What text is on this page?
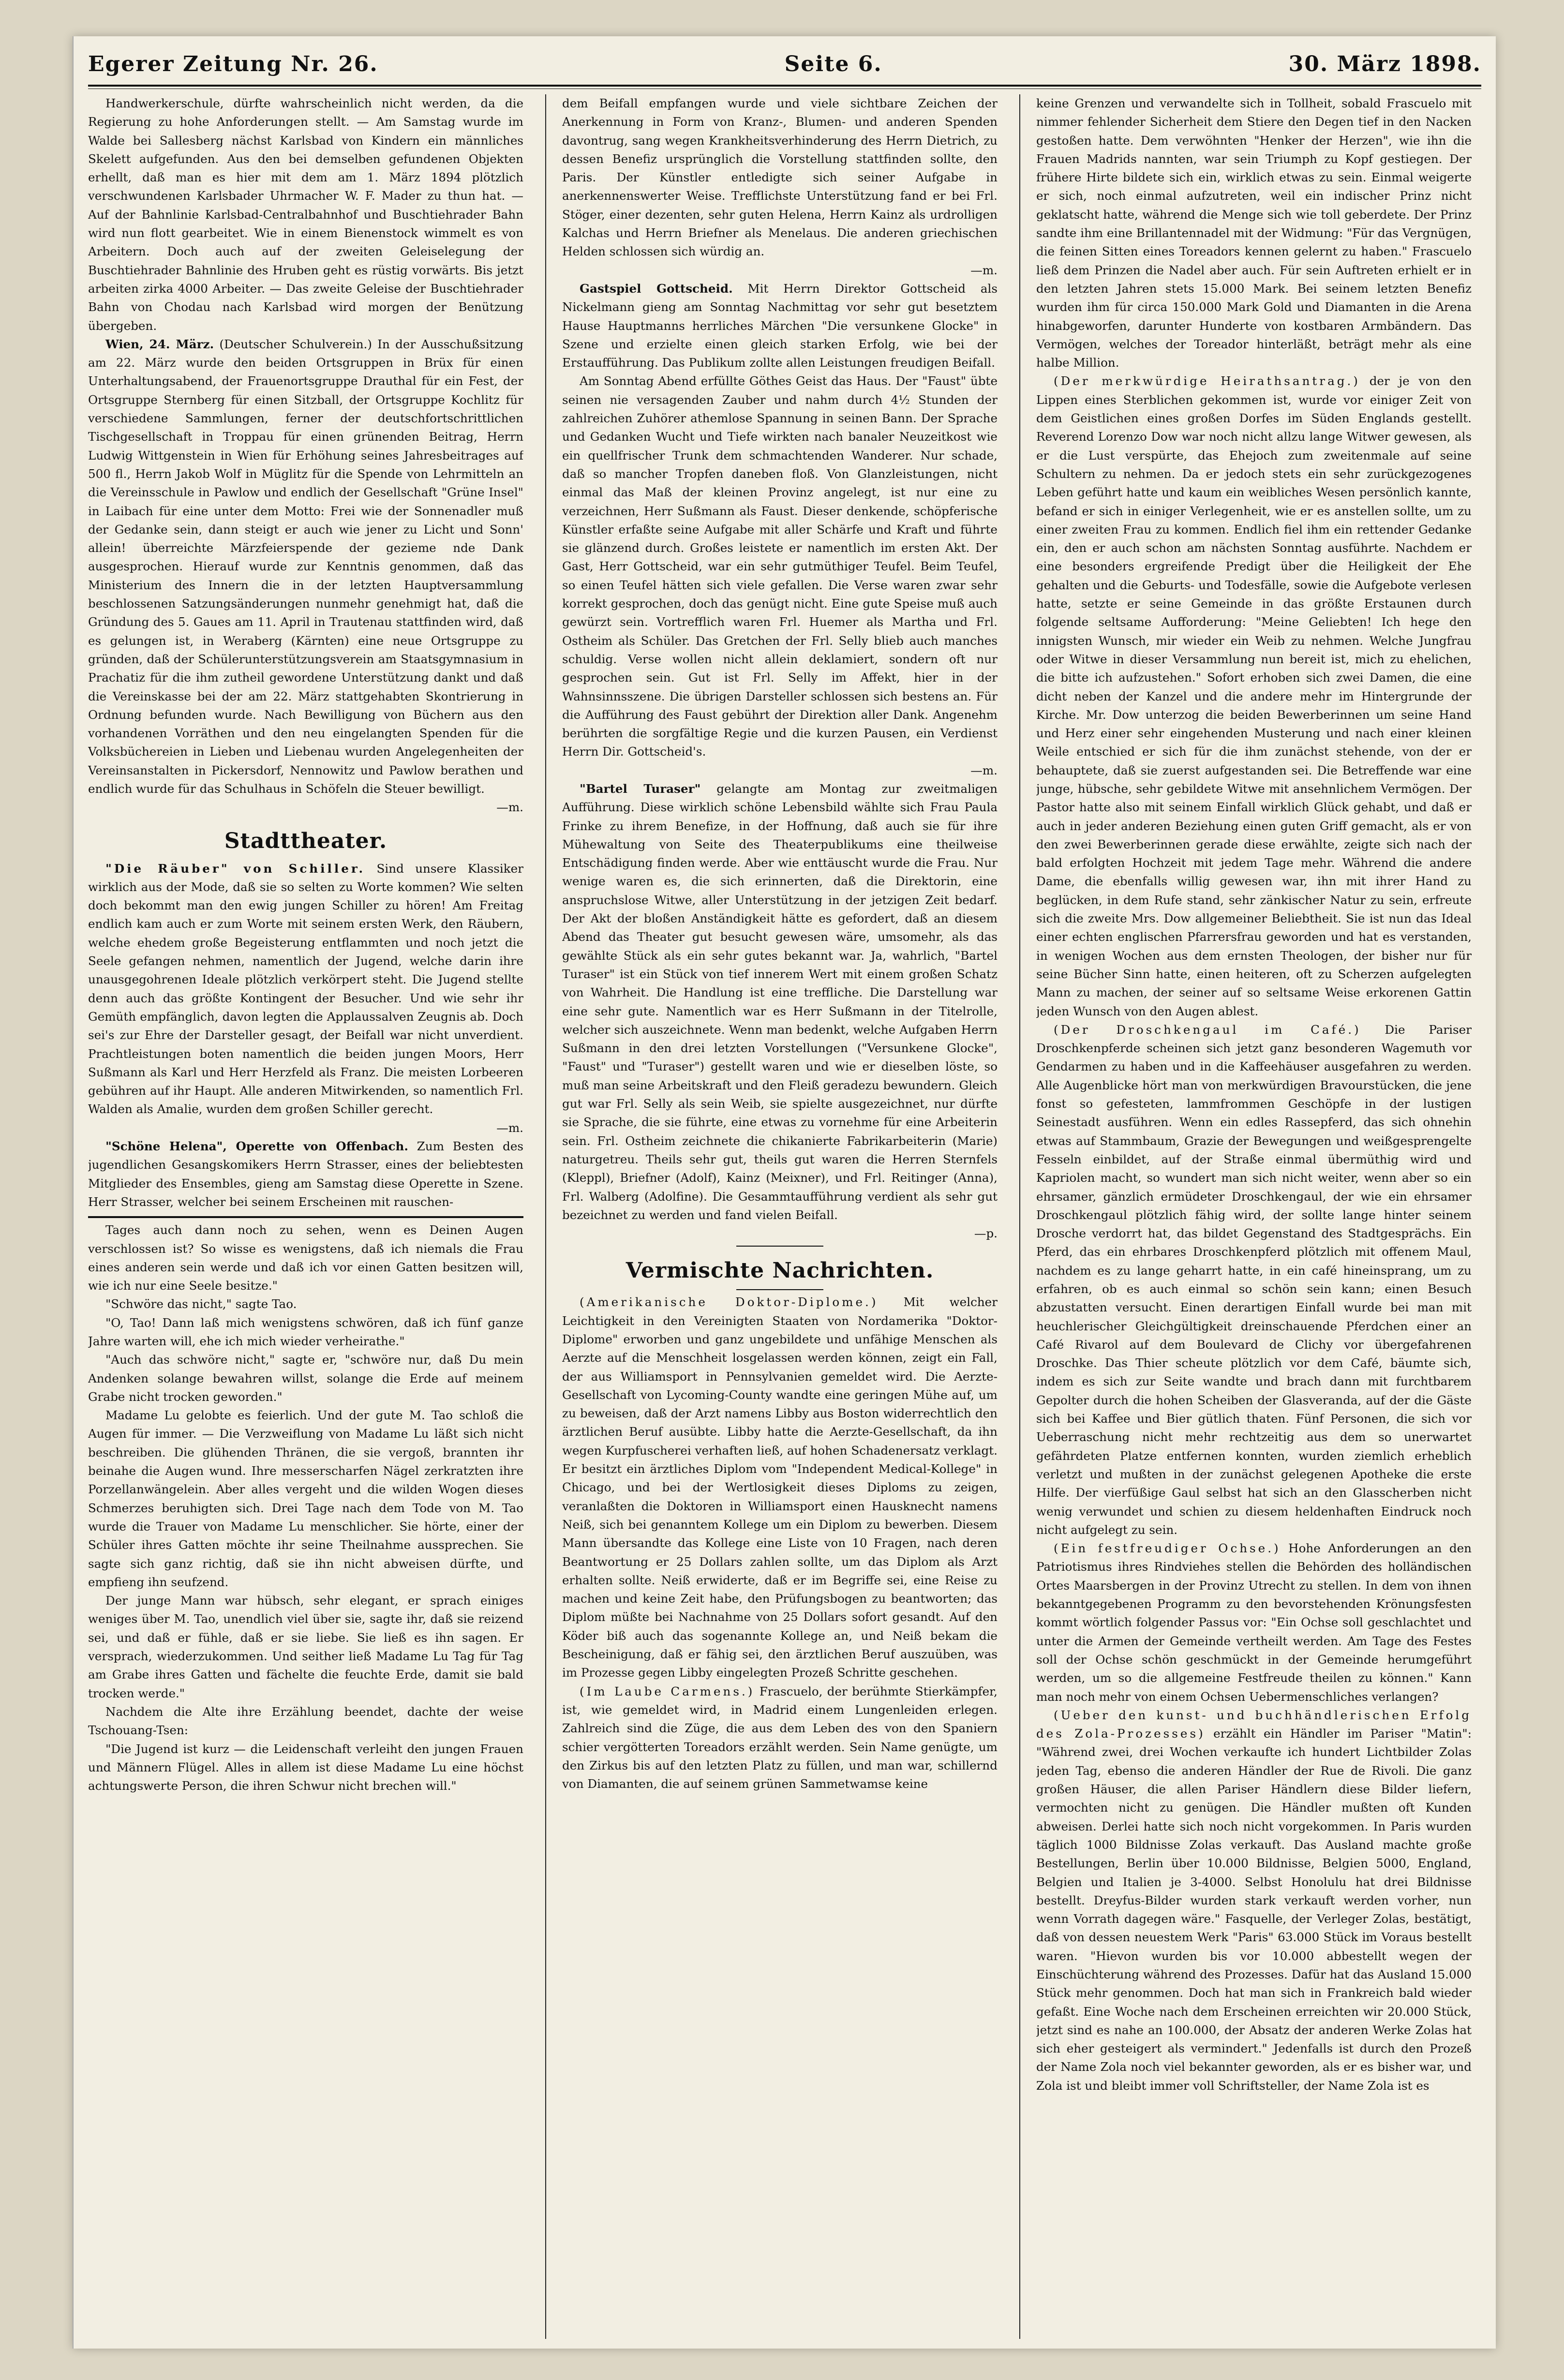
Egerer Zeitung Nr. 26.	Seite 6.	30. März 1898.

Handwerkerschule, dürfte wahrscheinlich nicht werden, da die Regierung zu hohe Anforderungen stellt. — Am Samstag wurde im Walde bei Sallesberg nächst Karlsbad von Kindern ein männliches Skelett aufgefunden. Aus den bei demselben gefundenen Objekten erhellt, daß man es hier mit dem am 1. März 1894 plötzlich verschwundenen Karlsbader Uhrmacher W. F. Mader zu thun hat. — Auf der Bahnlinie Karlsbad-Centralbahnhof und Buschtiehrader Bahn wird nun flott gearbeitet. Wie in einem Bienenstock wimmelt es von Arbeitern. Doch auch auf der zweiten Geleiselegung der Buschtiehrader Bahnlinie des Hruben geht es rüstig vorwärts. Bis jetzt arbeiten zirka 4000 Arbeiter. — Das zweite Geleise der Buschtiehrader Bahn von Chodau nach Karlsbad wird morgen der Benützung übergeben.

Wien, 24. März. (Deutscher Schulverein.) In der Ausschußsitzung am 22. März wurde den beiden Ortsgruppen in Brüx für einen Unterhaltungsabend, der Frauenortsgruppe Drauthal für ein Fest, der Ortsgruppe Sternberg für einen Sitzball, der Ortsgruppe Kochlitz für verschiedene Sammlungen, ferner der deutschfortschrittlichen Tischgesellschaft in Troppau für einen grünenden Beitrag, Herrn Ludwig Wittgenstein in Wien für Erhöhung seines Jahresbeitrages auf 500 fl., Herrn Jakob Wolf in Müglitz für die Spende von Lehrmitteln an die Vereinsschule in Pawlow und endlich der Gesellschaft "Grüne Insel" in Laibach für eine unter dem Motto: Frei wie der Sonnenadler muß der Gedanke sein, dann steigt er auch wie jener zu Licht und Sonn' allein! überreichte Märzfeierspende der gezieme nde Dank ausgesprochen. Hierauf wurde zur Kenntnis genommen, daß das Ministerium des Innern die in der letzten Hauptversammlung beschlossenen Satzungsänderungen nunmehr genehmigt hat, daß die Gründung des 5. Gaues am 11. April in Trautenau stattfinden wird, daß es gelungen ist, in Weraberg (Kärnten) eine neue Ortsgruppe zu gründen, daß der Schülerunterstützungsverein am Staatsgymnasium in Prachatiz für die ihm zutheil gewordene Unterstützung dankt und daß die Vereinskasse bei der am 22. März stattgehabten Skontrierung in Ordnung befunden wurde. Nach Bewilligung von Büchern aus den vorhandenen Vorräthen und den neu eingelangten Spenden für die Volksbüchereien in Lieben und Liebenau wurden Angelegenheiten der Vereinsanstalten in Pickersdorf, Nennowitz und Pawlow berathen und endlich wurde für das Schulhaus in Schöfeln die Steuer bewilligt.

—m.

Stadttheater.

"Die Räuber" von Schiller. Sind unsere Klassiker wirklich aus der Mode, daß sie so selten zu Worte kommen? Wie selten doch bekommt man den ewig jungen Schiller zu hören! Am Freitag endlich kam auch er zum Worte mit seinem ersten Werk, den Räubern, welche ehedem große Begeisterung entflammten und noch jetzt die Seele gefangen nehmen, namentlich der Jugend, welche darin ihre unausgegohrenen Ideale plötzlich verkörpert steht. Die Jugend stellte denn auch das größte Kontingent der Besucher. Und wie sehr ihr Gemüth empfänglich, davon legten die Applaussalven Zeugnis ab. Doch sei's zur Ehre der Darsteller gesagt, der Beifall war nicht unverdient. Prachtleistungen boten namentlich die beiden jungen Moors, Herr Sußmann als Karl und Herr Herzfeld als Franz. Die meisten Lorbeeren gebühren auf ihr Haupt. Alle anderen Mitwirkenden, so namentlich Frl. Walden als Amalie, wurden dem großen Schiller gerecht.

—m.

"Schöne Helena", Operette von Offenbach. Zum Besten des jugendlichen Gesangskomikers Herrn Strasser, eines der beliebtesten Mitglieder des Ensembles, gieng am Samstag diese Operette in Szene. Herr Strasser, welcher bei seinem Erscheinen mit rauschen-

Tages auch dann noch zu sehen, wenn es Deinen Augen verschlossen ist? So wisse es wenigstens, daß ich niemals die Frau eines anderen sein werde und daß ich vor einen Gatten besitzen will, wie ich nur eine Seele besitze."

"Schwöre das nicht," sagte Tao.

"O, Tao! Dann laß mich wenigstens schwören, daß ich fünf ganze Jahre warten will, ehe ich mich wieder verheirathe."

"Auch das schwöre nicht," sagte er, "schwöre nur, daß Du mein Andenken solange bewahren willst, solange die Erde auf meinem Grabe nicht trocken geworden."

Madame Lu gelobte es feierlich. Und der gute M. Tao schloß die Augen für immer. — Die Verzweiflung von Madame Lu läßt sich nicht beschreiben. Die glühenden Thränen, die sie vergoß, brannten ihr beinahe die Augen wund. Ihre messerscharfen Nägel zerkratzten ihre Porzellanwängelein. Aber alles vergeht und die wilden Wogen dieses Schmerzes beruhigten sich. Drei Tage nach dem Tode von M. Tao wurde die Trauer von Madame Lu menschlicher. Sie hörte, einer der Schüler ihres Gatten möchte ihr seine Theilnahme aussprechen. Sie sagte sich ganz richtig, daß sie ihn nicht abweisen dürfte, und empfieng ihn seufzend.

Der junge Mann war hübsch, sehr elegant, er sprach einiges weniges über M. Tao, unendlich viel über sie, sagte ihr, daß sie reizend sei, und daß er fühle, daß er sie liebe. Sie ließ es ihn sagen. Er versprach, wiederzukommen. Und seither ließ Madame Lu Tag für Tag am Grabe ihres Gatten und fächelte die feuchte Erde, damit sie bald trocken werde."

Nachdem die Alte ihre Erzählung beendet, dachte der weise Tschouang-Tsen:

"Die Jugend ist kurz — die Leidenschaft verleiht den jungen Frauen und Männern Flügel. Alles in allem ist diese Madame Lu eine höchst achtungswerte Person, die ihren Schwur nicht brechen will."

dem Beifall empfangen wurde und viele sichtbare Zeichen der Anerkennung in Form von Kranz-, Blumen- und anderen Spenden davontrug, sang wegen Krankheitsverhinderung des Herrn Dietrich, zu dessen Benefiz ursprünglich die Vorstellung stattfinden sollte, den Paris. Der Künstler entledigte sich seiner Aufgabe in anerkennenswerter Weise. Trefflichste Unterstützung fand er bei Frl. Stöger, einer dezenten, sehr guten Helena, Herrn Kainz als urdrolligen Kalchas und Herrn Briefner als Menelaus. Die anderen griechischen Helden schlossen sich würdig an.

—m.

Gastspiel Gottscheid. Mit Herrn Direktor Gottscheid als Nickelmann gieng am Sonntag Nachmittag vor sehr gut besetztem Hause Hauptmanns herrliches Märchen "Die versunkene Glocke" in Szene und erzielte einen gleich starken Erfolg, wie bei der Erstaufführung. Das Publikum zollte allen Leistungen freudigen Beifall.

Am Sonntag Abend erfüllte Göthes Geist das Haus. Der "Faust" übte seinen nie versagenden Zauber und nahm durch 4½ Stunden der zahlreichen Zuhörer athemlose Spannung in seinen Bann. Der Sprache und Gedanken Wucht und Tiefe wirkten nach banaler Neuzeitkost wie ein quellfrischer Trunk dem schmachtenden Wanderer. Nur schade, daß so mancher Tropfen daneben floß. Von Glanzleistungen, nicht einmal das Maß der kleinen Provinz angelegt, ist nur eine zu verzeichnen, Herr Sußmann als Faust. Dieser denkende, schöpferische Künstler erfaßte seine Aufgabe mit aller Schärfe und Kraft und führte sie glänzend durch. Großes leistete er namentlich im ersten Akt. Der Gast, Herr Gottscheid, war ein sehr gutmüthiger Teufel. Beim Teufel, so einen Teufel hätten sich viele gefallen. Die Verse waren zwar sehr korrekt gesprochen, doch das genügt nicht. Eine gute Speise muß auch gewürzt sein. Vortrefflich waren Frl. Huemer als Martha und Frl. Ostheim als Schüler. Das Gretchen der Frl. Selly blieb auch manches schuldig. Verse wollen nicht allein deklamiert, sondern oft nur gesprochen sein. Gut ist Frl. Selly im Affekt, hier in der Wahnsinnsszene. Die übrigen Darsteller schlossen sich bestens an. Für die Aufführung des Faust gebührt der Direktion aller Dank. Angenehm berührten die sorgfältige Regie und die kurzen Pausen, ein Verdienst Herrn Dir. Gottscheid's.

—m.

"Bartel Turaser" gelangte am Montag zur zweitmaligen Aufführung. Diese wirklich schöne Lebensbild wählte sich Frau Paula Frinke zu ihrem Benefize, in der Hoffnung, daß auch sie für ihre Mühewaltung von Seite des Theaterpublikums eine theilweise Entschädigung finden werde. Aber wie enttäuscht wurde die Frau. Nur wenige waren es, die sich erinnerten, daß die Direktorin, eine anspruchslose Witwe, aller Unterstützung in der jetzigen Zeit bedarf. Der Akt der bloßen Anständigkeit hätte es gefordert, daß an diesem Abend das Theater gut besucht gewesen wäre, umsomehr, als das gewählte Stück als ein sehr gutes bekannt war. Ja, wahrlich, "Bartel Turaser" ist ein Stück von tief innerem Wert mit einem großen Schatz von Wahrheit. Die Handlung ist eine treffliche. Die Darstellung war eine sehr gute. Namentlich war es Herr Sußmann in der Titelrolle, welcher sich auszeichnete. Wenn man bedenkt, welche Aufgaben Herrn Sußmann in den drei letzten Vorstellungen ("Versunkene Glocke", "Faust" und "Turaser") gestellt waren und wie er dieselben löste, so muß man seine Arbeitskraft und den Fleiß geradezu bewundern. Gleich gut war Frl. Selly als sein Weib, sie spielte ausgezeichnet, nur dürfte sie Sprache, die sie führte, eine etwas zu vornehme für eine Arbeiterin sein. Frl. Ostheim zeichnete die chikanierte Fabrikarbeiterin (Marie) naturgetreu. Theils sehr gut, theils gut waren die Herren Sternfels (Kleppl), Briefner (Adolf), Kainz (Meixner), und Frl. Reitinger (Anna), Frl. Walberg (Adolfine). Die Gesammtaufführung verdient als sehr gut bezeichnet zu werden und fand vielen Beifall.

—p.

Vermischte Nachrichten.

(Amerikanische Doktor-Diplome.) Mit welcher Leichtigkeit in den Vereinigten Staaten von Nordamerika "Doktor-Diplome" erworben und ganz ungebildete und unfähige Menschen als Aerzte auf die Menschheit losgelassen werden können, zeigt ein Fall, der aus Williamsport in Pennsylvanien gemeldet wird. Die Aerzte-Gesellschaft von Lycoming-County wandte eine geringen Mühe auf, um zu beweisen, daß der Arzt namens Libby aus Boston widerrechtlich den ärztlichen Beruf ausübte. Libby hatte die Aerzte-Gesellschaft, da ihn wegen Kurpfuscherei verhaften ließ, auf hohen Schadenersatz verklagt. Er besitzt ein ärztliches Diplom vom "Independent Medical-Kollege" in Chicago, und bei der Wertlosigkeit dieses Diploms zu zeigen, veranlaßten die Doktoren in Williamsport einen Hausknecht namens Neiß, sich bei genanntem Kollege um ein Diplom zu bewerben. Diesem Mann übersandte das Kollege eine Liste von 10 Fragen, nach deren Beantwortung er 25 Dollars zahlen sollte, um das Diplom als Arzt erhalten sollte. Neiß erwiderte, daß er im Begriffe sei, eine Reise zu machen und keine Zeit habe, den Prüfungsbogen zu beantworten; das Diplom müßte bei Nachnahme von 25 Dollars sofort gesandt. Auf den Köder biß auch das sogenannte Kollege an, und Neiß bekam die Bescheinigung, daß er fähig sei, den ärztlichen Beruf auszuüben, was im Prozesse gegen Libby eingelegten Prozeß Schritte geschehen.

(Im Laube Carmens.) Frascuelo, der berühmte Stierkämpfer, ist, wie gemeldet wird, in Madrid einem Lungenleiden erlegen. Zahlreich sind die Züge, die aus dem Leben des von den Spaniern schier vergötterten Toreadors erzählt werden. Sein Name genügte, um den Zirkus bis auf den letzten Platz zu füllen, und man war, schillernd von Diamanten, die auf seinem grünen Sammetwamse keine

keine Grenzen und verwandelte sich in Tollheit, sobald Frascuelo mit nimmer fehlender Sicherheit dem Stiere den Degen tief in den Nacken gestoßen hatte. Dem verwöhnten "Henker der Herzen", wie ihn die Frauen Madrids nannten, war sein Triumph zu Kopf gestiegen. Der frühere Hirte bildete sich ein, wirklich etwas zu sein. Einmal weigerte er sich, noch einmal aufzutreten, weil ein indischer Prinz nicht geklatscht hatte, während die Menge sich wie toll geberdete. Der Prinz sandte ihm eine Brillantennadel mit der Widmung: "Für das Vergnügen, die feinen Sitten eines Toreadors kennen gelernt zu haben." Frascuelo ließ dem Prinzen die Nadel aber auch. Für sein Auftreten erhielt er in den letzten Jahren stets 15.000 Mark. Bei seinem letzten Benefiz wurden ihm für circa 150.000 Mark Gold und Diamanten in die Arena hinabgeworfen, darunter Hunderte von kostbaren Armbändern. Das Vermögen, welches der Toreador hinterläßt, beträgt mehr als eine halbe Million.

(Der merkwürdige Heirathsantrag.) der je von den Lippen eines Sterblichen gekommen ist, wurde vor einiger Zeit von dem Geistlichen eines großen Dorfes im Süden Englands gestellt. Reverend Lorenzo Dow war noch nicht allzu lange Witwer gewesen, als er die Lust verspürte, das Ehejoch zum zweitenmale auf seine Schultern zu nehmen. Da er jedoch stets ein sehr zurückgezogenes Leben geführt hatte und kaum ein weibliches Wesen persönlich kannte, befand er sich in einiger Verlegenheit, wie er es anstellen sollte, um zu einer zweiten Frau zu kommen. Endlich fiel ihm ein rettender Gedanke ein, den er auch schon am nächsten Sonntag ausführte. Nachdem er eine besonders ergreifende Predigt über die Heiligkeit der Ehe gehalten und die Geburts- und Todesfälle, sowie die Aufgebote verlesen hatte, setzte er seine Gemeinde in das größte Erstaunen durch folgende seltsame Aufforderung: "Meine Geliebten! Ich hege den innigsten Wunsch, mir wieder ein Weib zu nehmen. Welche Jungfrau oder Witwe in dieser Versammlung nun bereit ist, mich zu ehelichen, die bitte ich aufzustehen." Sofort erhoben sich zwei Damen, die eine dicht neben der Kanzel und die andere mehr im Hintergrunde der Kirche. Mr. Dow unterzog die beiden Bewerberinnen um seine Hand und Herz einer sehr eingehenden Musterung und nach einer kleinen Weile entschied er sich für die ihm zunächst stehende, von der er behauptete, daß sie zuerst aufgestanden sei. Die Betreffende war eine junge, hübsche, sehr gebildete Witwe mit ansehnlichem Vermögen. Der Pastor hatte also mit seinem Einfall wirklich Glück gehabt, und daß er auch in jeder anderen Beziehung einen guten Griff gemacht, als er von den zwei Bewerberinnen gerade diese erwählte, zeigte sich nach der bald erfolgten Hochzeit mit jedem Tage mehr. Während die andere Dame, die ebenfalls willig gewesen war, ihn mit ihrer Hand zu beglücken, in dem Rufe stand, sehr zänkischer Natur zu sein, erfreute sich die zweite Mrs. Dow allgemeiner Beliebtheit. Sie ist nun das Ideal einer echten englischen Pfarrersfrau geworden und hat es verstanden, in wenigen Wochen aus dem ernsten Theologen, der bisher nur für seine Bücher Sinn hatte, einen heiteren, oft zu Scherzen aufgelegten Mann zu machen, der seiner auf so seltsame Weise erkorenen Gattin jeden Wunsch von den Augen ablest.

(Der Droschkengaul im Café.) Die Pariser Droschkenpferde scheinen sich jetzt ganz besonderen Wagemuth vor Gendarmen zu haben und in die Kaffeehäuser ausgefahren zu werden. Alle Augenblicke hört man von merkwürdigen Bravourstücken, die jene fonst so gefesteten, lammfrommen Geschöpfe in der lustigen Seinestadt ausführen. Wenn ein edles Rassepferd, das sich ohnehin etwas auf Stammbaum, Grazie der Bewegungen und weißgesprengelte Fesseln einbildet, auf der Straße einmal übermüthig wird und Kapriolen macht, so wundert man sich nicht weiter, wenn aber so ein ehrsamer, gänzlich ermüdeter Droschkengaul, der wie ein ehrsamer Droschkengaul plötzlich fähig wird, der sollte lange hinter seinem Drosche verdorrt hat, das bildet Gegenstand des Stadtgesprächs. Ein Pferd, das ein ehrbares Droschkenpferd plötzlich mit offenem Maul, nachdem es zu lange geharrt hatte, in ein café hineinsprang, um zu erfahren, ob es auch einmal so schön sein kann; einen Besuch abzustatten versucht. Einen derartigen Einfall wurde bei man mit heuchlerischer Gleichgültigkeit dreinschauende Pferdchen einer an Café Rivarol auf dem Boulevard de Clichy vor übergefahrenen Droschke. Das Thier scheute plötzlich vor dem Café, bäumte sich, indem es sich zur Seite wandte und brach dann mit furchtbarem Gepolter durch die hohen Scheiben der Glasveranda, auf der die Gäste sich bei Kaffee und Bier gütlich thaten. Fünf Personen, die sich vor Ueberraschung nicht mehr rechtzeitig aus dem so unerwartet gefährdeten Platze entfernen konnten, wurden ziemlich erheblich verletzt und mußten in der zunächst gelegenen Apotheke die erste Hilfe. Der vierfüßige Gaul selbst hat sich an den Glasscherben nicht wenig verwundet und schien zu diesem heldenhaften Eindruck noch nicht aufgelegt zu sein.

(Ein festfreudiger Ochse.) Hohe Anforderungen an den Patriotismus ihres Rindviehes stellen die Behörden des holländischen Ortes Maarsbergen in der Provinz Utrecht zu stellen. In dem von ihnen bekanntgegebenen Programm zu den bevorstehenden Krönungsfesten kommt wörtlich folgender Passus vor: "Ein Ochse soll geschlachtet und unter die Armen der Gemeinde vertheilt werden. Am Tage des Festes soll der Ochse schön geschmückt in der Gemeinde herumgeführt werden, um so die allgemeine Festfreude theilen zu können." Kann man noch mehr von einem Ochsen Uebermenschliches verlangen?

(Ueber den kunst- und buchhändlerischen Erfolg des Zola-Prozesses) erzählt ein Händler im Pariser "Matin": "Während zwei, drei Wochen verkaufte ich hundert Lichtbilder Zolas jeden Tag, ebenso die anderen Händler der Rue de Rivoli. Die ganz großen Häuser, die allen Pariser Händlern diese Bilder liefern, vermochten nicht zu genügen. Die Händler mußten oft Kunden abweisen. Derlei hatte sich noch nicht vorgekommen. In Paris wurden täglich 1000 Bildnisse Zolas verkauft. Das Ausland machte große Bestellungen, Berlin über 10.000 Bildnisse, Belgien 5000, England, Belgien und Italien je 3-4000. Selbst Honolulu hat drei Bildnisse bestellt. Dreyfus-Bilder wurden stark verkauft werden vorher, nun wenn Vorrath dagegen wäre." Fasquelle, der Verleger Zolas, bestätigt, daß von dessen neuestem Werk "Paris" 63.000 Stück im Voraus bestellt waren. "Hievon wurden bis vor 10.000 abbestellt wegen der Einschüchterung während des Prozesses. Dafür hat das Ausland 15.000 Stück mehr genommen. Doch hat man sich in Frankreich bald wieder gefaßt. Eine Woche nach dem Erscheinen erreichten wir 20.000 Stück, jetzt sind es nahe an 100.000, der Absatz der anderen Werke Zolas hat sich eher gesteigert als vermindert." Jedenfalls ist durch den Prozeß der Name Zola noch viel bekannter geworden, als er es bisher war, und Zola ist und bleibt immer voll Schriftsteller, der Name Zola ist es
